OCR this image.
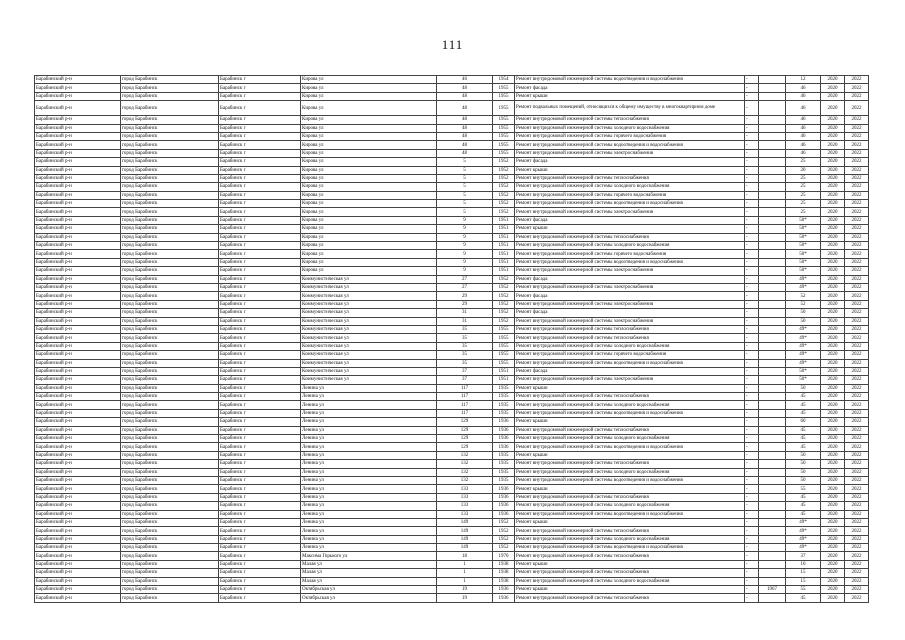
111
Барабинский р-н	город Барабинск	Барабинск г	Кирова ул	46	1954	Ремонт внутридомовой инженерной системы водоотведения и водоснабжения	-		12	2020	2022
Барабинский р-н	город Барабинск	Барабинск г	Кирова ул	48	1955	Ремонт фасада	-		46	2020	2022
Барабинский р-н	город Барабинск	Барабинск г	Кирова ул	48	1955	Ремонт крыши	-		46	2020	2022
Барабинский р-н	город Барабинск	Барабинск г	Кирова ул	48	1955	Ремонт подвальных помещений, относящихся к общему имуществу в многоквартирном доме	-		46	2020	2022
Барабинский р-н	город Барабинск	Барабинск г	Кирова ул	48	1955	Ремонт внутридомовой инженерной системы теплоснабжения	-		46	2020	2022
Барабинский р-н	город Барабинск	Барабинск г	Кирова ул	48	1955	Ремонт внутридомовой инженерной системы холодного водоснабжения	-		46	2020	2022
Барабинский р-н	город Барабинск	Барабинск г	Кирова ул	48	1955	Ремонт внутридомовой инженерной системы горячего водоснабжения	-		46	2020	2022
Барабинский р-н	город Барабинск	Барабинск г	Кирова ул	48	1955	Ремонт внутридомовой инженерной системы водоотведения и водоснабжения	-		46	2020	2022
Барабинский р-н	город Барабинск	Барабинск г	Кирова ул	48	1955	Ремонт внутридомовой инженерной системы электроснабжения	-		46	2020	2022
Барабинский р-н	город Барабинск	Барабинск г	Кирова ул	5	1952	Ремонт фасада	-		25	2020	2022
Барабинский р-н	город Барабинск	Барабинск г	Кирова ул	5	1952	Ремонт крыши	-		20	2020	2022
Барабинский р-н	город Барабинск	Барабинск г	Кирова ул	5	1952	Ремонт внутридомовой инженерной системы теплоснабжения	-		25	2020	2022
Барабинский р-н	город Барабинск	Барабинск г	Кирова ул	5	1952	Ремонт внутридомовой инженерной системы холодного водоснабжения	-		25	2020	2022
Барабинский р-н	город Барабинск	Барабинск г	Кирова ул	5	1952	Ремонт внутридомовой инженерной системы горячего водоснабжения	-		25	2020	2022
Барабинский р-н	город Барабинск	Барабинск г	Кирова ул	5	1952	Ремонт внутридомовой инженерной системы водоотведения и водоснабжения	-		25	2020	2022
Барабинский р-н	город Барабинск	Барабинск г	Кирова ул	5	1952	Ремонт внутридомовой инженерной системы электроснабжения	-		25	2020	2022
Барабинский р-н	город Барабинск	Барабинск г	Кирова ул	9	1951	Ремонт фасада	-		50*	2020	2022
Барабинский р-н	город Барабинск	Барабинск г	Кирова ул	9	1951	Ремонт крыши	-		50*	2020	2022
Барабинский р-н	город Барабинск	Барабинск г	Кирова ул	9	1951	Ремонт внутридомовой инженерной системы теплоснабжения	-		50*	2020	2022
Барабинский р-н	город Барабинск	Барабинск г	Кирова ул	9	1951	Ремонт внутридомовой инженерной системы холодного водоснабжения	-		50*	2020	2022
Барабинский р-н	город Барабинск	Барабинск г	Кирова ул	9	1951	Ремонт внутридомовой инженерной системы горячего водоснабжения	-		50*	2020	2022
Барабинский р-н	город Барабинск	Барабинск г	Кирова ул	9	1951	Ремонт внутридомовой инженерной системы водоотведения и водоснабжения	-		50*	2020	2022
Барабинский р-н	город Барабинск	Барабинск г	Кирова ул	9	1951	Ремонт внутридомовой инженерной системы электроснабжения	-		50*	2020	2022
Барабинский р-н	город Барабинск	Барабинск г	Коммунистическая ул	27	1952	Ремонт фасада	-		49*	2020	2022
Барабинский р-н	город Барабинск	Барабинск г	Коммунистическая ул	27	1952	Ремонт внутридомовой инженерной системы электроснабжения	-		49*	2020	2022
Барабинский р-н	город Барабинск	Барабинск г	Коммунистическая ул	29	1952	Ремонт фасада	-		52	2020	2022
Барабинский р-н	город Барабинск	Барабинск г	Коммунистическая ул	29	1952	Ремонт внутридомовой инженерной системы электроснабжения	-		52	2020	2022
Барабинский р-н	город Барабинск	Барабинск г	Коммунистическая ул	31	1952	Ремонт фасада	-		50	2020	2022
Барабинский р-н	город Барабинск	Барабинск г	Коммунистическая ул	31	1952	Ремонт внутридомовой инженерной системы электроснабжения	-		50	2020	2022
Барабинский р-н	город Барабинск	Барабинск г	Коммунистическая ул	35	1955	Ремонт внутридомовой инженерной системы теплоснабжения	-		49*	2020	2022
Барабинский р-н	город Барабинск	Барабинск г	Коммунистическая ул	35	1955	Ремонт внутридомовой инженерной системы теплоснабжения	-		49*	2020	2022
Барабинский р-н	город Барабинск	Барабинск г	Коммунистическая ул	35	1955	Ремонт внутридомовой инженерной системы холодного водоснабжения	-		49*	2020	2022
Барабинский р-н	город Барабинск	Барабинск г	Коммунистическая ул	35	1955	Ремонт внутридомовой инженерной системы горячего водоснабжения	-		49*	2020	2022
Барабинский р-н	город Барабинск	Барабинск г	Коммунистическая ул	35	1955	Ремонт внутридомовой инженерной системы водоотведения и водоснабжения	-		49*	2020	2022
Барабинский р-н	город Барабинск	Барабинск г	Коммунистическая ул	37	1951	Ремонт фасада	-		50*	2020	2022
Барабинский р-н	город Барабинск	Барабинск г	Коммунистическая ул	37	1951	Ремонт внутридомовой инженерной системы электроснабжения	-		50*	2020	2022
Барабинский р-н	город Барабинск	Барабинск г	Ленина ул	117	1935	Ремонт крыши	-		50	2020	2022
Барабинский р-н	город Барабинск	Барабинск г	Ленина ул	117	1935	Ремонт внутридомовой инженерной системы теплоснабжения	-		45	2020	2022
Барабинский р-н	город Барабинск	Барабинск г	Ленина ул	117	1935	Ремонт внутридомовой инженерной системы холодного водоснабжения	-		45	2020	2022
Барабинский р-н	город Барабинск	Барабинск г	Ленина ул	117	1935	Ремонт внутридомовой инженерной системы водоотведения и водоснабжения	-		45	2020	2022
Барабинский р-н	город Барабинск	Барабинск г	Ленина ул	129	1936	Ремонт крыши	-		60	2020	2022
Барабинский р-н	город Барабинск	Барабинск г	Ленина ул	129	1936	Ремонт внутридомовой инженерной системы теплоснабжения	-		45	2020	2022
Барабинский р-н	город Барабинск	Барабинск г	Ленина ул	129	1936	Ремонт внутридомовой инженерной системы холодного водоснабжения	-		45	2020	2022
Барабинский р-н	город Барабинск	Барабинск г	Ленина ул	129	1936	Ремонт внутридомовой инженерной системы водоотведения и водоснабжения	-		45	2020	2022
Барабинский р-н	город Барабинск	Барабинск г	Ленина ул	132	1935	Ремонт крыши	-		50	2020	2022
Барабинский р-н	город Барабинск	Барабинск г	Ленина ул	132	1935	Ремонт внутридомовой инженерной системы теплоснабжения	-		50	2020	2022
Барабинский р-н	город Барабинск	Барабинск г	Ленина ул	132	1935	Ремонт внутридомовой инженерной системы холодного водоснабжения	-		50	2020	2022
Барабинский р-н	город Барабинск	Барабинск г	Ленина ул	132	1935	Ремонт внутридомовой инженерной системы водоотведения и водоснабжения	-		50	2020	2022
Барабинский р-н	город Барабинск	Барабинск г	Ленина ул	133	1936	Ремонт крыши	-		55	2020	2022
Барабинский р-н	город Барабинск	Барабинск г	Ленина ул	133	1936	Ремонт внутридомовой инженерной системы теплоснабжения	-		45	2020	2022
Барабинский р-н	город Барабинск	Барабинск г	Ленина ул	133	1936	Ремонт внутридомовой инженерной системы холодного водоснабжения	-		45	2020	2022
Барабинский р-н	город Барабинск	Барабинск г	Ленина ул	133	1936	Ремонт внутридомовой инженерной системы водоотведения и водоснабжения	-		45	2020	2022
Барабинский р-н	город Барабинск	Барабинск г	Ленина ул	149	1952	Ремонт крыши	-		49*	2020	2022
Барабинский р-н	город Барабинск	Барабинск г	Ленина ул	149	1952	Ремонт внутридомовой инженерной системы теплоснабжения	-		49*	2020	2022
Барабинский р-н	город Барабинск	Барабинск г	Ленина ул	149	1952	Ремонт внутридомовой инженерной системы холодного водоснабжения	-		49*	2020	2022
Барабинский р-н	город Барабинск	Барабинск г	Ленина ул	149	1952	Ремонт внутридомовой инженерной системы водоотведения и водоснабжения	-		49*	2020	2022
Барабинский р-н	город Барабинск	Барабинск г	Максима Горького ул	18	1970	Ремонт внутридомовой инженерной системы теплоснабжения	-		37	2020	2022
Барабинский р-н	город Барабинск	Барабинск г	Малая ул	1	1938	Ремонт крыши	-		10	2020	2022
Барабинский р-н	город Барабинск	Барабинск г	Малая ул	1	1938	Ремонт внутридомовой инженерной системы теплоснабжения	-		15	2020	2022
Барабинский р-н	город Барабинск	Барабинск г	Малая ул	1	1938	Ремонт внутридомовой инженерной системы холодного водоснабжения	-		15	2020	2022
Барабинский р-н	город Барабинск	Барабинск г	Октябрьская ул	19	1936	Ремонт крыши	-	1967	55	2020	2022
Барабинский р-н	город Барабинск	Барабинск г	Октябрьская ул	19	1936	Ремонт внутридомовой инженерной системы теплоснабжения	-		45	2020	2022
